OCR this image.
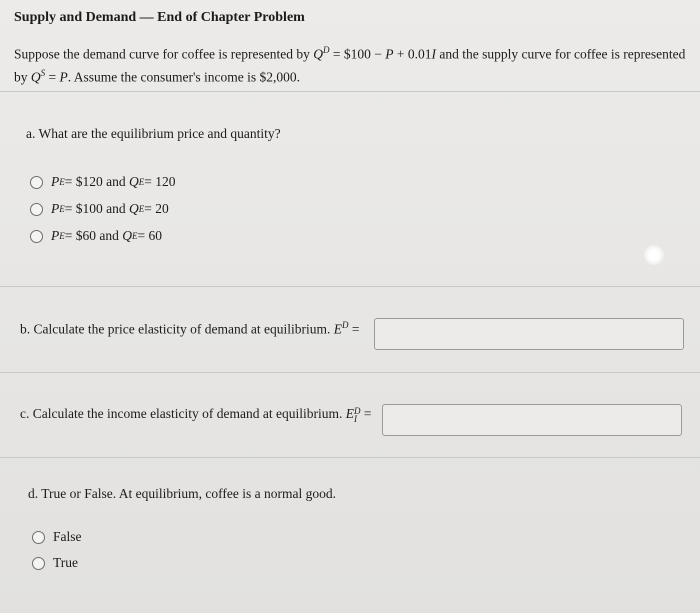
Supply and Demand — End of Chapter Problem
Suppose the demand curve for coffee is represented by $Q^D$ = $100 − P + 0.01I and the supply curve for coffee is represented by $Q^S = P$. Assume the consumer's income is $2,000.
a. What are the equilibrium price and quantity?
P E = $120 and
Q E = 120
P E = $100 and
Q E = 20
P E = $60 and
Q E = 60
b. Calculate the price elasticity of demand at equilibrium. $E^D$ =
c. Calculate the income elasticity of demand at equilibrium. ED
I =
d. True or False. At equilibrium, coffee is a normal good.
False
True
